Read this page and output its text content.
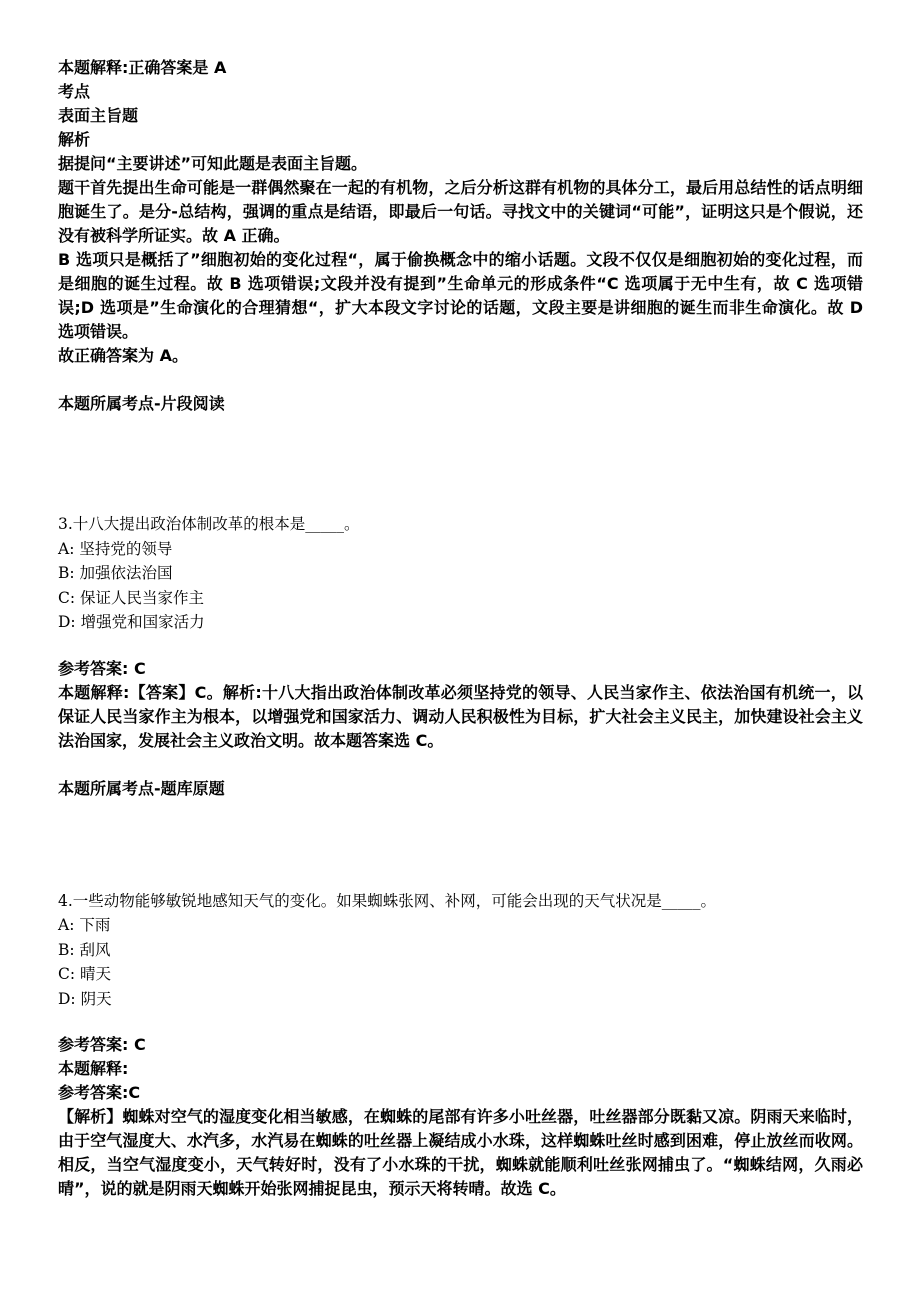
本题解释:正确答案是 A
考点
表面主旨题
解析
据提问“主要讲述”可知此题是表面主旨题。
题干首先提出生命可能是一群偶然聚在一起的有机物，之后分析这群有机物的具体分工，最后用总结性的话点明细胞诞生了。是分-总结构，强调的重点是结语，即最后一句话。寻找文中的关键词“可能”，证明这只是个假说，还没有被科学所证实。故 A 正确。
B 选项只是概括了”细胞初始的变化过程“，属于偷换概念中的缩小话题。文段不仅仅是细胞初始的变化过程，而是细胞的诞生过程。故 B 选项错误;文段并没有提到”生命单元的形成条件“C 选项属于无中生有，故 C 选项错误;D 选项是”生命演化的合理猜想“，扩大本段文字讨论的话题，文段主要是讲细胞的诞生而非生命演化。故 D 选项错误。
故正确答案为 A。
本题所属考点-片段阅读
3.十八大提出政治体制改革的根本是_____。
A: 坚持党的领导
B: 加强依法治国
C: 保证人民当家作主
D: 增强党和国家活力
参考答案: C
本题解释:【答案】C。解析:十八大指出政治体制改革必须坚持党的领导、人民当家作主、依法治国有机统一，以保证人民当家作主为根本，以增强党和国家活力、调动人民积极性为目标，扩大社会主义民主，加快建设社会主义法治国家，发展社会主义政治文明。故本题答案选 C。
本题所属考点-题库原题
4.一些动物能够敏锐地感知天气的变化。如果蜘蛛张网、补网，可能会出现的天气状况是_____。
A: 下雨
B: 刮风
C: 晴天
D: 阴天
参考答案: C
本题解释:
参考答案:C
【解析】蜘蛛对空气的湿度变化相当敏感，在蜘蛛的尾部有许多小吐丝器，吐丝器部分既黏又凉。阴雨天来临时，由于空气湿度大、水汽多，水汽易在蜘蛛的吐丝器上凝结成小水珠，这样蜘蛛吐丝时感到困难，停止放丝而收网。相反，当空气湿度变小，天气转好时，没有了小水珠的干扰，蜘蛛就能顺利吐丝张网捕虫了。“蜘蛛结网，久雨必晴”，说的就是阴雨天蜘蛛开始张网捕捉昆虫，预示天将转晴。故选 C。
